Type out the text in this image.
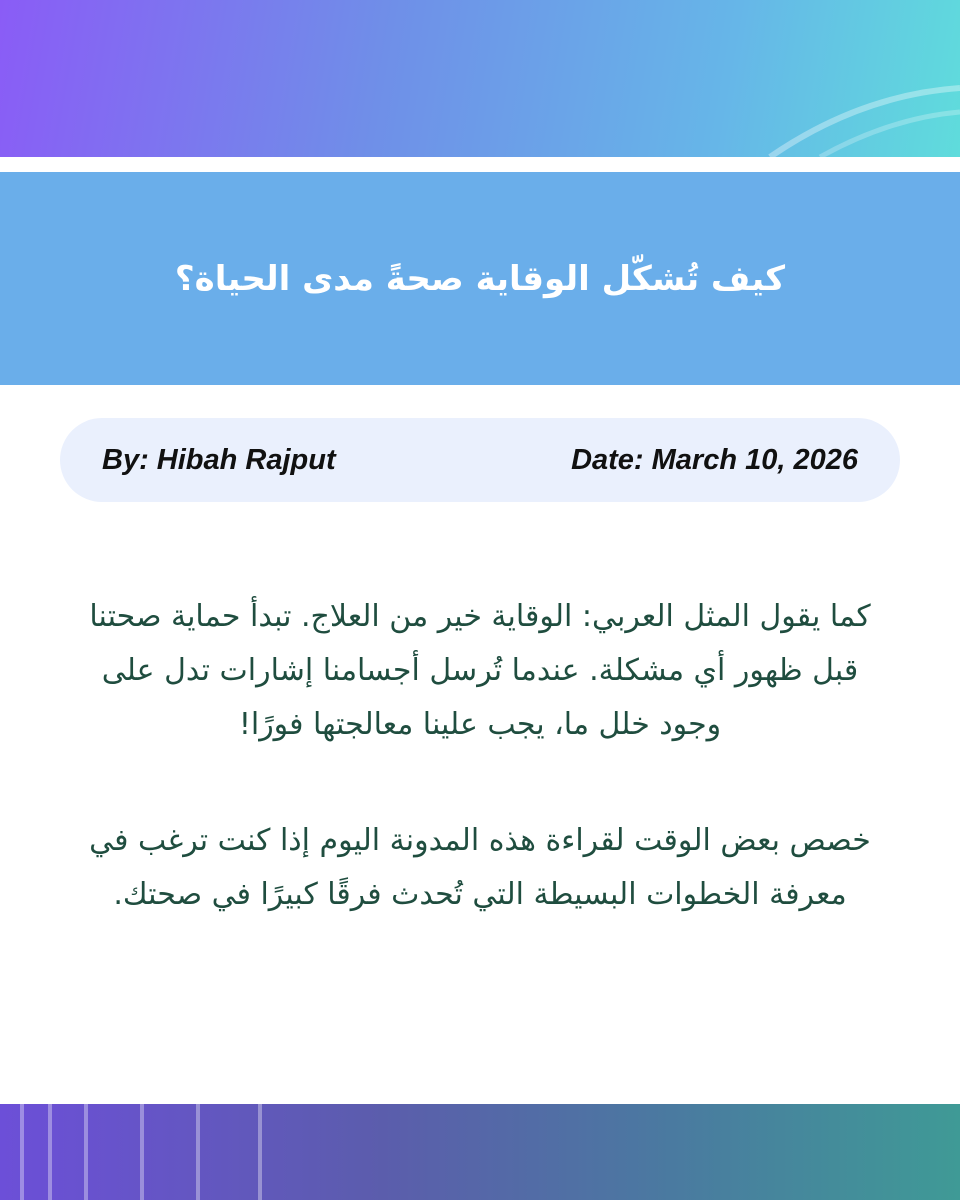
كيف تُشكّل الوقاية صحةً مدى الحياة؟
By: Hibah Rajput	Date: March 10, 2026

كما يقول المثل العربي: الوقاية خير من العلاج. تبدأ حماية صحتنا قبل ظهور أي مشكلة. عندما تُرسل أجسامنا إشارات تدل على وجود خلل ما، يجب علينا معالجتها فورًا!

خصص بعض الوقت لقراءة هذه المدونة اليوم إذا كنت ترغب في معرفة الخطوات البسيطة التي تُحدث فرقًا كبيرًا في صحتك.
